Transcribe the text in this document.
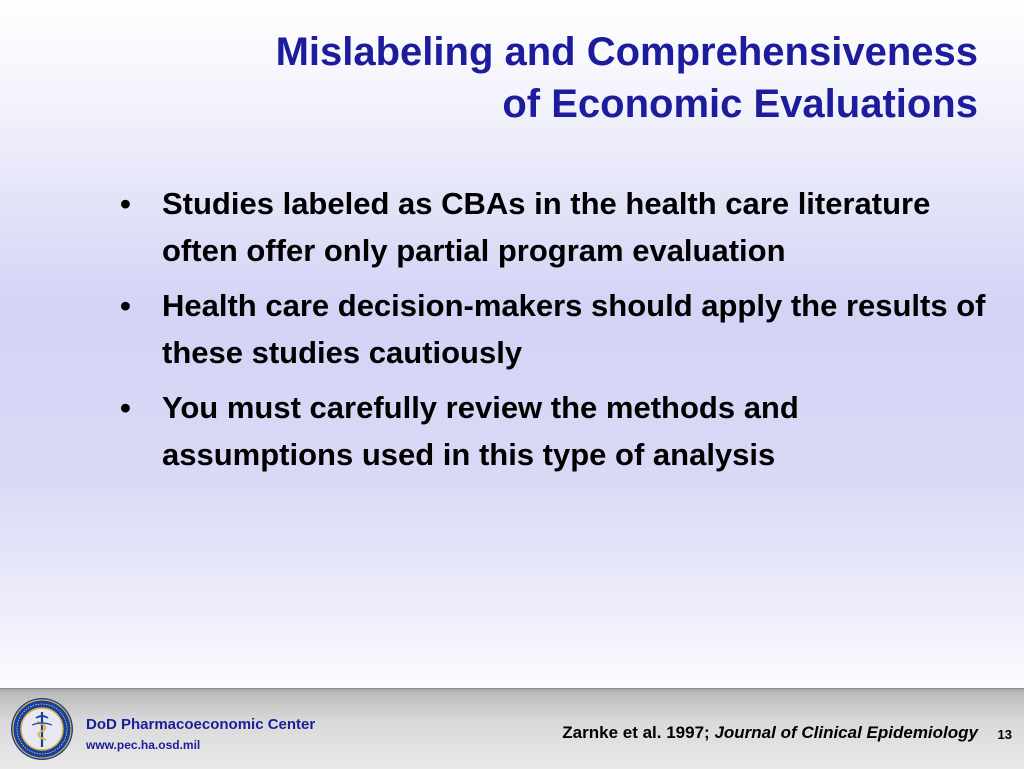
Mislabeling and Comprehensiveness
of Economic Evaluations
•	Studies labeled as CBAs in the health care literature often offer only partial program evaluation
•	Health care decision-makers should apply the results of these studies cautiously
•	You must carefully review the methods and assumptions used in this type of analysis
DoD Pharmacoeconomic Center
www.pec.ha.osd.mil
Zarnke et al. 1997; Journal of Clinical Epidemiology 13
